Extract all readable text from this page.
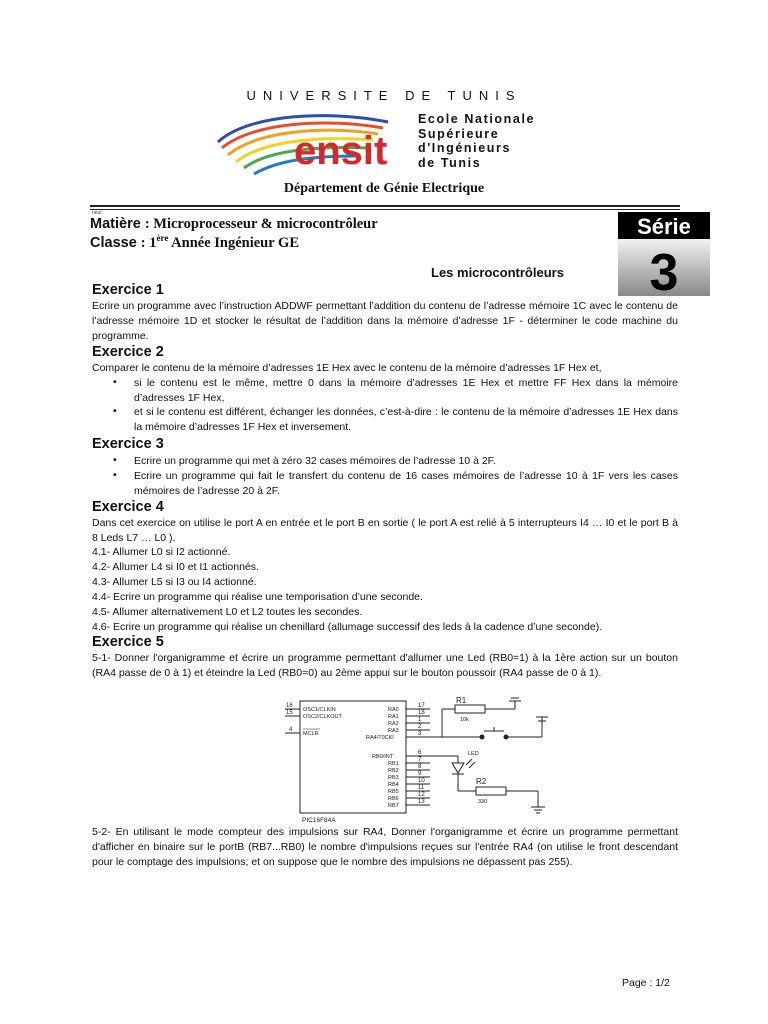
UNIVERSITE DE TUNIS
ensit
Ecole Nationale
Supérieure
d'Ingénieurs
de Tunis
Département de Génie Electrique
rieur
Matière : Microprocesseur & microcontrôleur
Classe : 1ère Année Ingénieur GE
Série
3
Les microcontrôleurs
Exercice 1

Ecrire un programme avec l’instruction ADDWF permettant l’addition du contenu de l’adresse mémoire 1C avec le contenu de l’adresse mémoire 1D et stocker le résultat de l’addition dans la mémoire d’adresse 1F - déterminer le code machine du programme.

Exercice 2

Comparer le contenu de la mémoire d’adresses 1E Hex avec le contenu de la mémoire d’adresses 1F Hex et,

• si le contenu est le même, mettre 0 dans la mémoire d’adresses 1E Hex et mettre FF Hex dans la mémoire d’adresses 1F Hex,

• et si le contenu est différent, échanger les données, c’est-à-dire : le contenu de la mémoire d’adresses 1E Hex dans la mémoire d’adresses 1F Hex et inversement.

Exercice 3
• Ecrire un programme qui met à zéro 32 cases mémoires de l’adresse 10 à 2F.

• Ecrire un programme qui fait le transfert du contenu de 16 cases mémoires de l’adresse 10 à 1F vers les cases mémoires de l’adresse 20 à 2F.

Exercice 4

Dans cet exercice on utilise le port A en entrée et le port B en sortie ( le port A est relié à 5 interrupteurs I4 … I0 et le port B à 8 Leds L7 … L0 ).

4.1- Allumer L0 si I2 actionné.

4.2- Allumer L4 si I0 et I1 actionnés.

4.3- Allumer L5 si I3 ou I4 actionné.

4.4- Ecrire un programme qui réalise une temporisation d’une seconde.

4.5- Allumer alternativement L0 et L2 toutes les secondes.

4.6- Ecrire un programme qui réalise un chenillard (allumage successif des leds à la cadence d’une seconde).

Exercice 5

5-1- Donner l'organigramme et écrire un programme permettant d'allumer une Led (RB0=1) à la 1ère action sur un bouton (RA4 passe de 0 à 1) et éteindre la Led (RB0=0) au 2ème appui sur le bouton poussoir (RA4 passe de 0 à 1).

PIC16F84A
16
15
4
OSC1/CLKIN
OSC2/CLKOUT
MCLR
RA0
RA1
RA2
RA3
RA4/T0CKI
RB0/INT
RB1
RB2
RB3
RB4
RB5
RB6
RB7
17
18
1
2
3
6
7
8
9
10
11
12
13
R1
10k
LED
R2
330

5-2- En utilisant le mode compteur des impulsions sur RA4, Donner l'organigramme et écrire un programme permettant d'afficher en binaire sur le portB (RB7...RB0) le nombre d'impulsions reçues sur l'entrée RA4 (on utilise le front descendant pour le comptage des impulsions; et on suppose que le nombre des impulsions ne dépassent pas 255).

Page : 1/2
